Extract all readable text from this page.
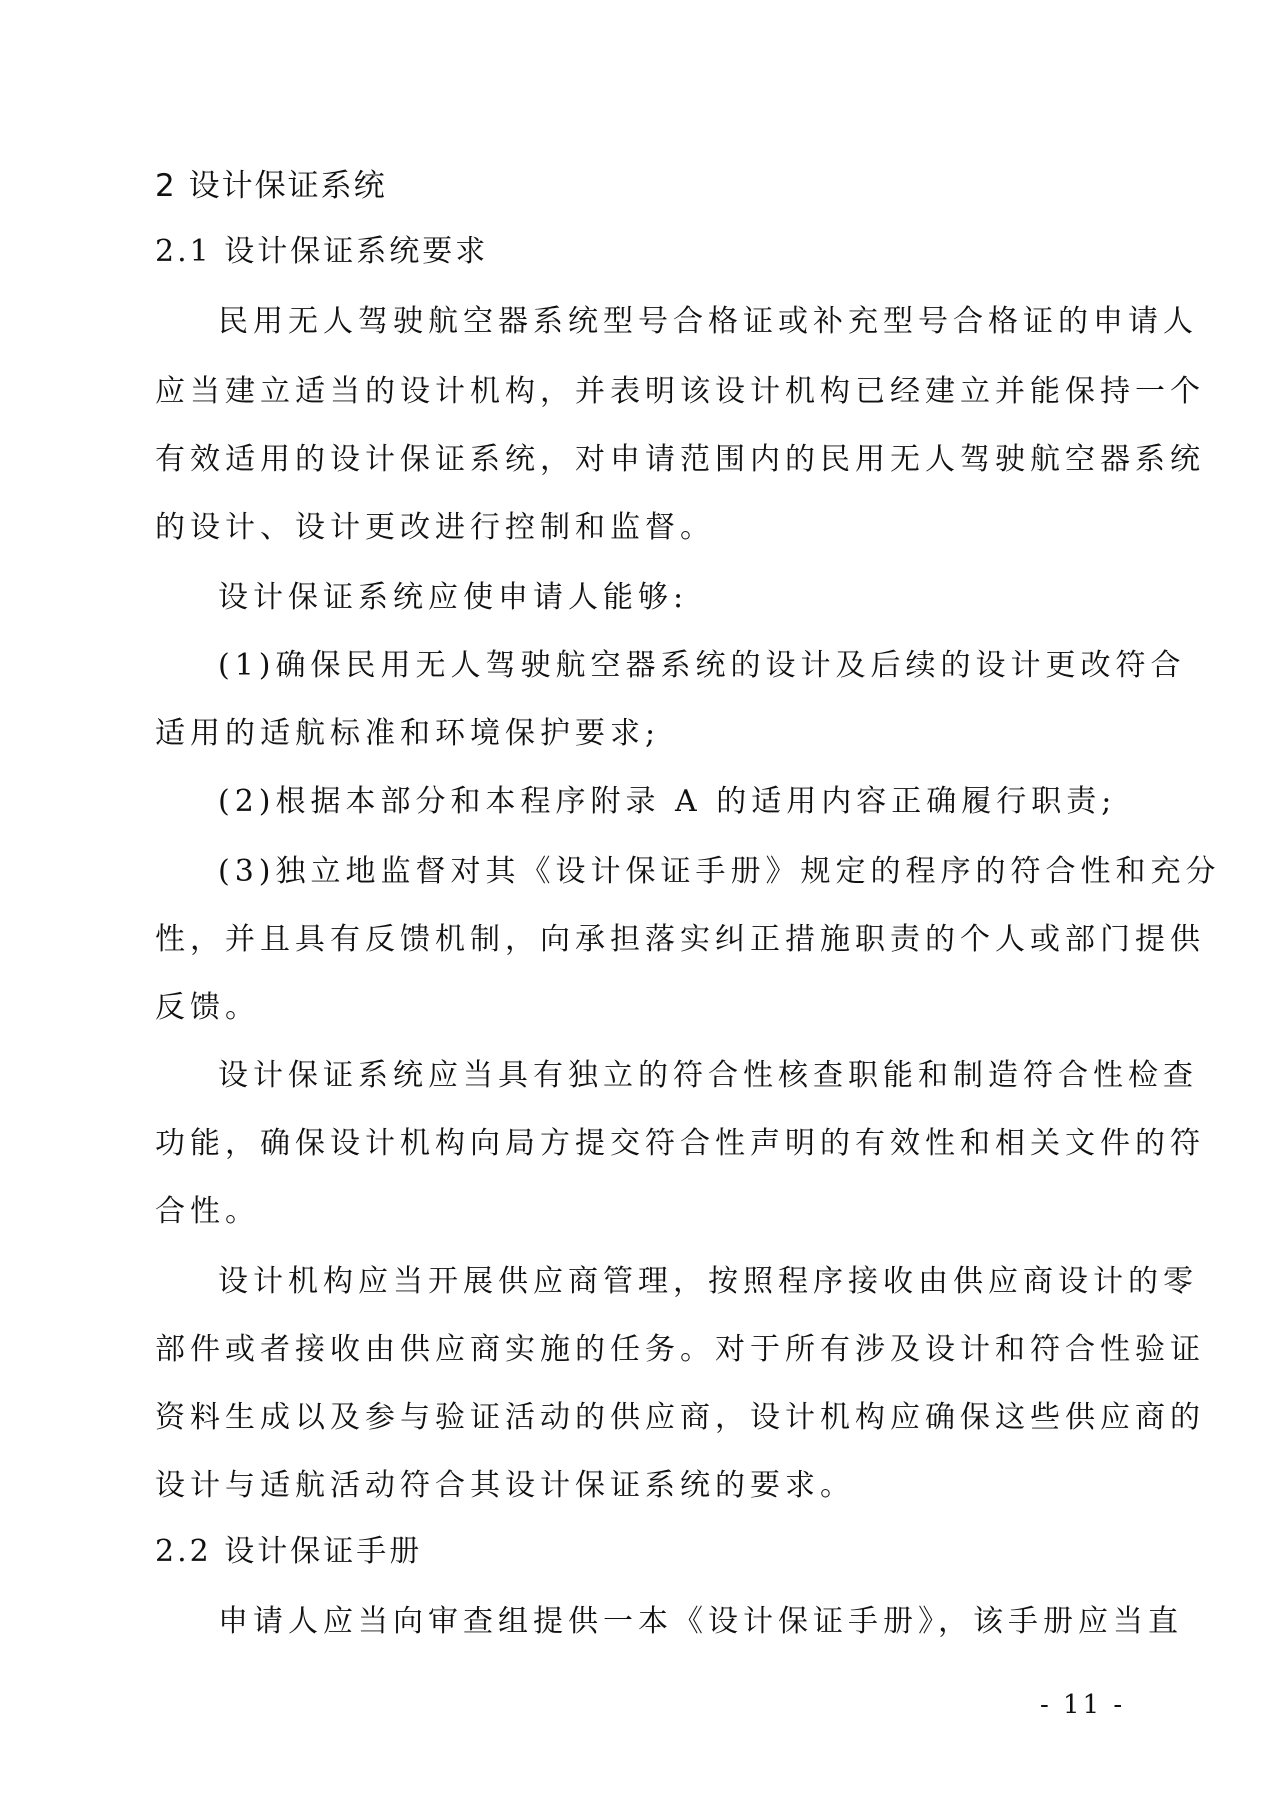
2 设计保证系统
2.1 设计保证系统要求
民用无人驾驶航空器系统型号合格证或补充型号合格证的申请人
应当建立适当的设计机构，并表明该设计机构已经建立并能保持一个
有效适用的设计保证系统，对申请范围内的民用无人驾驶航空器系统
的设计、设计更改进行控制和监督。
设计保证系统应使申请人能够:
(1)确保民用无人驾驶航空器系统的设计及后续的设计更改符合
适用的适航标准和环境保护要求;
(2)根据本部分和本程序附录 A 的适用内容正确履行职责;
(3)独立地监督对其《设计保证手册》规定的程序的符合性和充分
性，并且具有反馈机制，向承担落实纠正措施职责的个人或部门提供
反馈。
设计保证系统应当具有独立的符合性核查职能和制造符合性检查
功能，确保设计机构向局方提交符合性声明的有效性和相关文件的符
合性。
设计机构应当开展供应商管理，按照程序接收由供应商设计的零
部件或者接收由供应商实施的任务。对于所有涉及设计和符合性验证
资料生成以及参与验证活动的供应商，设计机构应确保这些供应商的
设计与适航活动符合其设计保证系统的要求。
2.2 设计保证手册
申请人应当向审查组提供一本《设计保证手册》，该手册应当直
- 11 -
